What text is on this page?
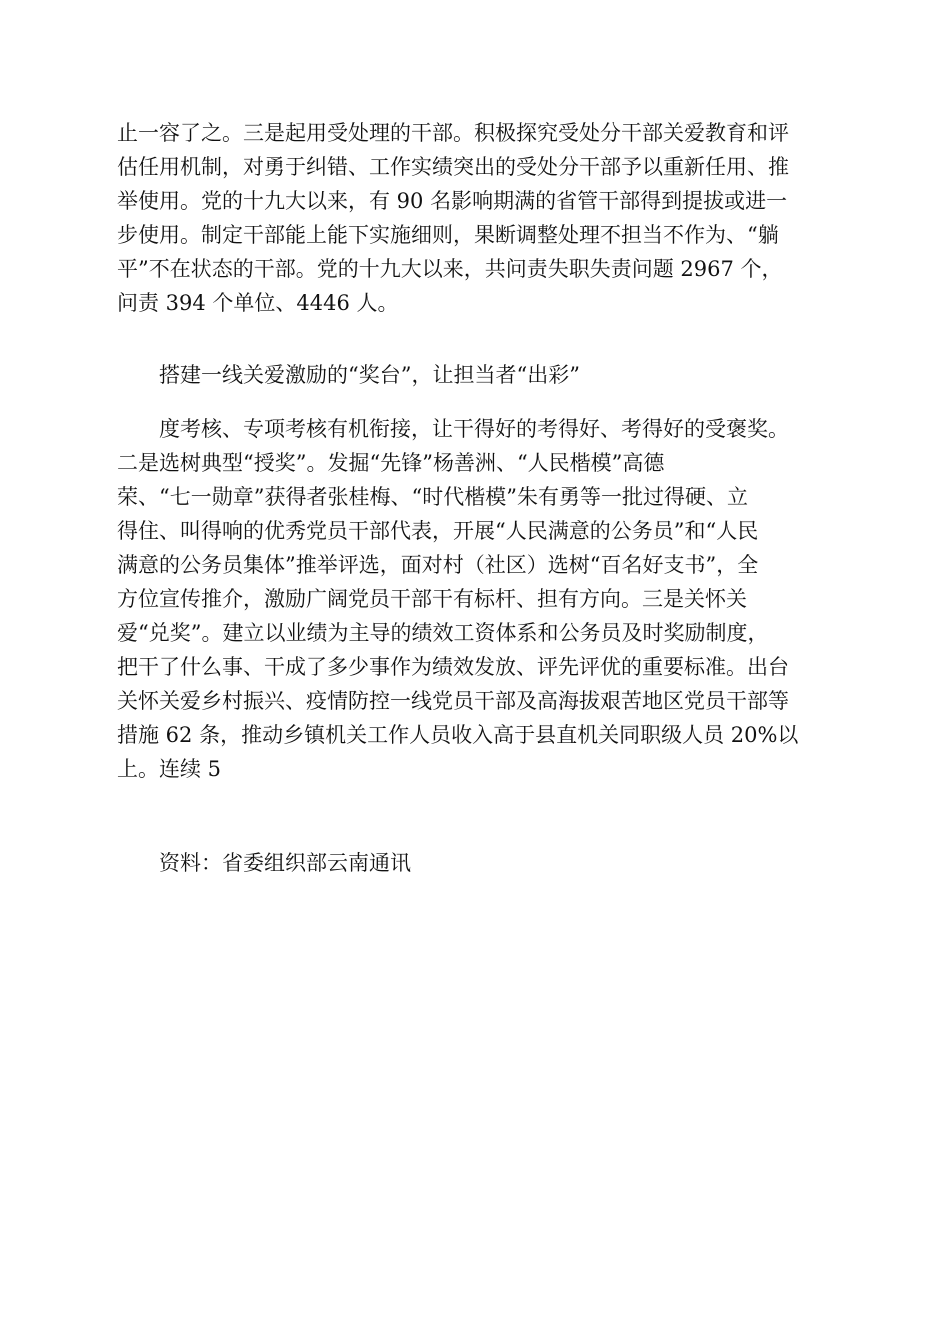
止一容了之。三是起用受处理的干部。积极探究受处分干部关爱教育和评
估任用机制，对勇于纠错、工作实绩突出的受处分干部予以重新任用、推
举使用。党的十九大以来，有 90 名影响期满的省管干部得到提拔或进一
步使用。制定干部能上能下实施细则，果断调整处理不担当不作为、“躺
平”不在状态的干部。党的十九大以来，共问责失职失责问题 2967 个，
问责 394 个单位、4446 人。
搭建一线关爱激励的“奖台”，让担当者“出彩”
度考核、专项考核有机衔接，让干得好的考得好、考得好的受褒奖。
二是选树典型“授奖”。发掘“先锋”杨善洲、“人民楷模”高德
荣、“七一勋章”获得者张桂梅、“时代楷模”朱有勇等一批过得硬、立
得住、叫得响的优秀党员干部代表，开展“人民满意的公务员”和“人民
满意的公务员集体”推举评选，面对村（社区）选树“百名好支书”，全
方位宣传推介，激励广阔党员干部干有标杆、担有方向。三是关怀关
爱“兑奖”。建立以业绩为主导的绩效工资体系和公务员及时奖励制度，
把干了什么事、干成了多少事作为绩效发放、评先评优的重要标准。出台
关怀关爱乡村振兴、疫情防控一线党员干部及高海拔艰苦地区党员干部等
措施 62 条，推动乡镇机关工作人员收入高于县直机关同职级人员 20%以
上。连续 5
资料：省委组织部云南通讯
